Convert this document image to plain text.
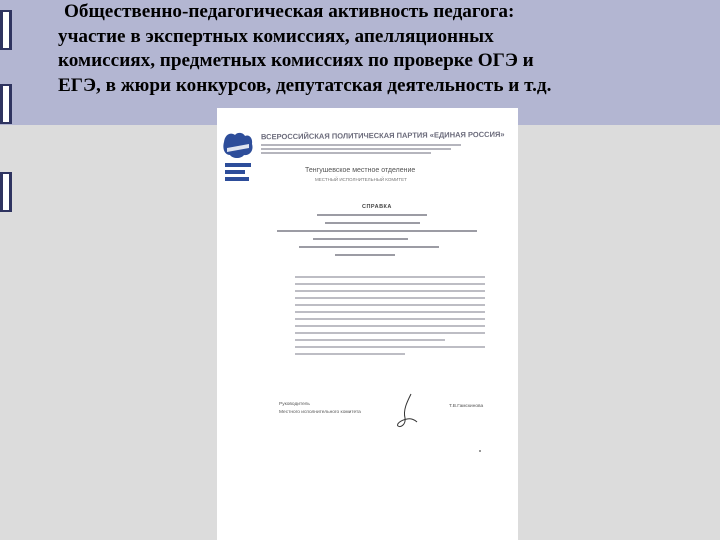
Общественно-педагогическая активность педагога:
участие в экспертных комиссиях, апелляционных
комиссиях, предметных комиссиях по проверке ОГЭ и
ЕГЭ, в жюри конкурсов, депутатская деятельность и т.д.
ВСЕРОССИЙСКАЯ ПОЛИТИЧЕСКАЯ ПАРТИЯ «ЕДИНАЯ РОССИЯ»
Тенгушевское местное отделение
МЕСТНЫЙ ИСПОЛНИТЕЛЬНЫЙ КОМИТЕТ
СПРАВКА
Руководитель
Местного исполнительного комитета
Т.В.Гамскинова
